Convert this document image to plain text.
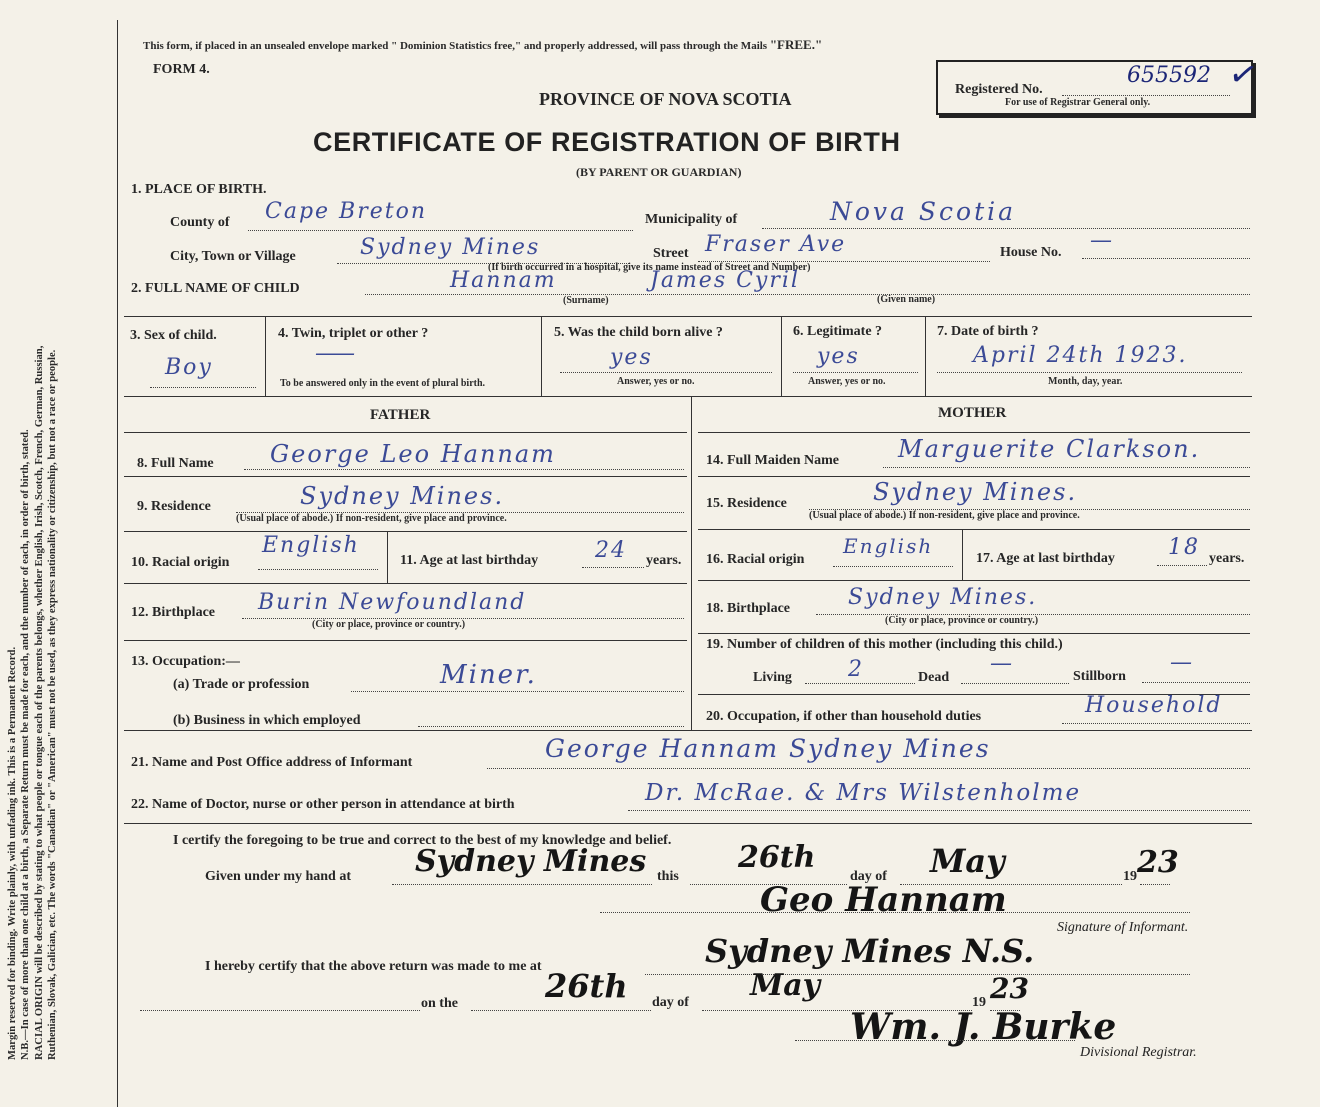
Margin reserved for binding. Write plainly, with unfading ink. This is a Permanent Record. N.B.—In case of more than one child at a birth, a Separate Return must be made for each, and the number of each, in order of birth, stated. RACIAL ORIGIN will be described by stating to what people or tongue each of the parents belongs, whether English, Irish, Scotch, French, German, Russian, Ruthenian, Slovak, Galician, etc. The words "Canadian" or "American" must not be used, as they express nationality or citizenship, but not a race or people.
This form, if placed in an unsealed envelope marked " Dominion Statistics free," and properly addressed, will pass through the Mails "FREE."
FORM 4.
PROVINCE OF NOVA SCOTIA
CERTIFICATE OF REGISTRATION OF BIRTH
(BY PARENT OR GUARDIAN)
Registered No.
655592 ✓
For use of Registrar General only.
1. PLACE OF BIRTH.
County of Cape Breton	Municipality of	Nova Scotia
City, Town or Village	Sydney Mines	Street Fraser Ave	House No. —
(If birth occurred in a hospital, give its name instead of Street and Number)
2. FULL NAME OF CHILD	Hannam	James Cyril
(Surname)	(Given name)
3. Sex of child.
Boy
4. Twin, triplet or other ?
——
To be answered only in the event of plural birth.
5. Was the child born alive ?
yes
Answer, yes or no.
6. Legitimate ?
yes
Answer, yes or no.
7. Date of birth ?
April 24th 1923.
Month, day, year.
FATHER
8. Full Name George Leo Hannam
9. Residence	Sydney Mines.
(Usual place of abode.) If non-resident, give place and province.
10. Racial origin
English
11. Age at last birthday	24 years.
12. Birthplace Burin Newfoundland
(City or place, province or country.)
13. Occupation:—
(a) Trade or profession	Miner.
(b) Business in which employed
MOTHER
14. Full Maiden Name Marguerite Clarkson.
15. Residence	Sydney Mines.
(Usual place of abode.) If non-resident, give place and province.
16. Racial origin
English
17. Age at last birthday 18 years.
18. Birthplace	Sydney Mines.
(City or place, province or country.)
19. Number of children of this mother (including this child.)
Living	2	Dead
—
Stillborn
—
20. Occupation, if other than household duties	Household
21. Name and Post Office address of Informant	George Hannam Sydney Mines
22. Name of Doctor, nurse or other person in attendance at birth	Dr. McRae. & Mrs Wilstenholme
I certify the foregoing to be true and correct to the best of my knowledge and belief.
Given under my hand at Sydney Mines this
26th
day of May	19 23
Geo Hannam
Signature of Informant.
I hereby certify that the above return was made to me at	Sydney Mines N.S.
on the	26th day of May	19 23
Wm. J. Burke
Divisional Registrar.
